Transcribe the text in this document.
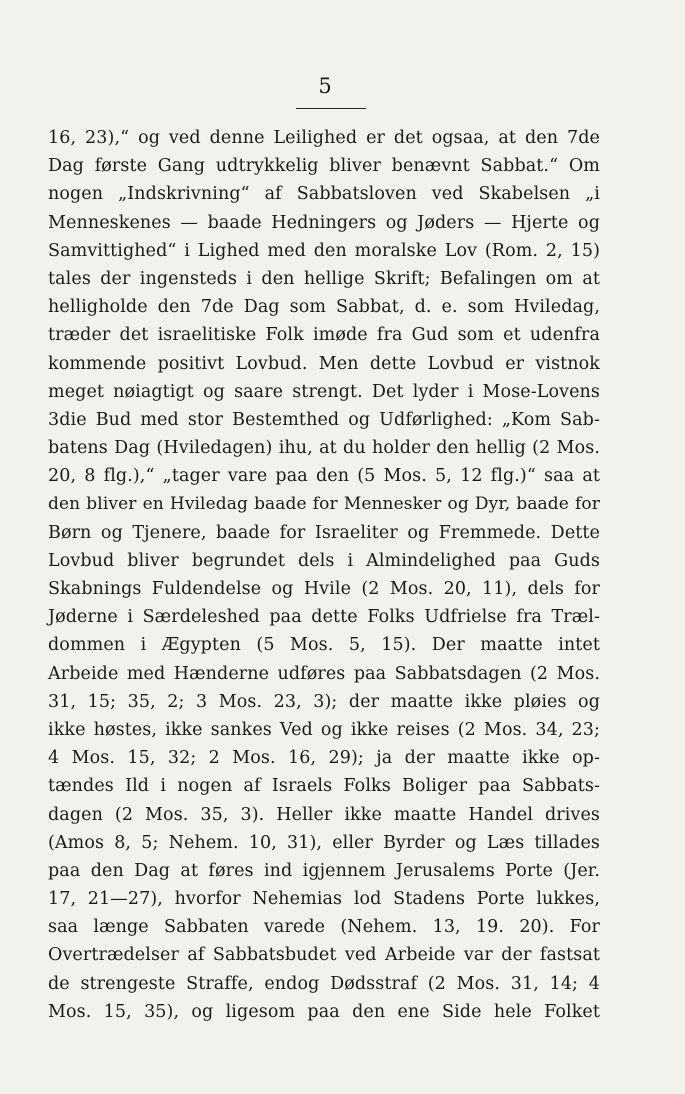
5
16, 23),“ og ved denne Leilighed er det ogsaa, at den 7de
Dag første Gang udtrykkelig bliver benævnt Sabbat.“ Om
nogen „Indskrivning“ af Sabbatsloven ved Skabelsen „i
Menneskenes — baade Hedningers og Jøders — Hjerte og
Samvittighed“ i Lighed med den moralske Lov (Rom. 2, 15)
tales der ingensteds i den hellige Skrift; Befalingen om at
helligholde den 7de Dag som Sabbat, d. e. som Hviledag,
træder det israelitiske Folk imøde fra Gud som et udenfra
kommende positivt Lovbud. Men dette Lovbud er vistnok
meget nøiagtigt og saare strengt. Det lyder i Mose-Lovens
3die Bud med stor Bestemthed og Udførlighed: „Kom Sab-
batens Dag (Hviledagen) ihu, at du holder den hellig (2 Mos.
20, 8 flg.),“ „tager vare paa den (5 Mos. 5, 12 flg.)“ saa at
den bliver en Hviledag baade for Mennesker og Dyr, baade for
Børn og Tjenere, baade for Israeliter og Fremmede. Dette
Lovbud bliver begrundet dels i Almindelighed paa Guds
Skabnings Fuldendelse og Hvile (2 Mos. 20, 11), dels for
Jøderne i Særdeleshed paa dette Folks Udfrielse fra Træl-
dommen i Ægypten (5 Mos. 5, 15). Der maatte intet
Arbeide med Hænderne udføres paa Sabbatsdagen (2 Mos.
31, 15; 35, 2; 3 Mos. 23, 3); der maatte ikke pløies og
ikke høstes, ikke sankes Ved og ikke reises (2 Mos. 34, 23;
4 Mos. 15, 32; 2 Mos. 16, 29); ja der maatte ikke op-
tændes Ild i nogen af Israels Folks Boliger paa Sabbats-
dagen (2 Mos. 35, 3). Heller ikke maatte Handel drives
(Amos 8, 5; Nehem. 10, 31), eller Byrder og Læs tillades
paa den Dag at føres ind igjennem Jerusalems Porte (Jer.
17, 21—27), hvorfor Nehemias lod Stadens Porte lukkes,
saa længe Sabbaten varede (Nehem. 13, 19. 20). For
Overtrædelser af Sabbatsbudet ved Arbeide var der fastsat
de strengeste Straffe, endog Dødsstraf (2 Mos. 31, 14; 4
Mos. 15, 35), og ligesom paa den ene Side hele Folket
